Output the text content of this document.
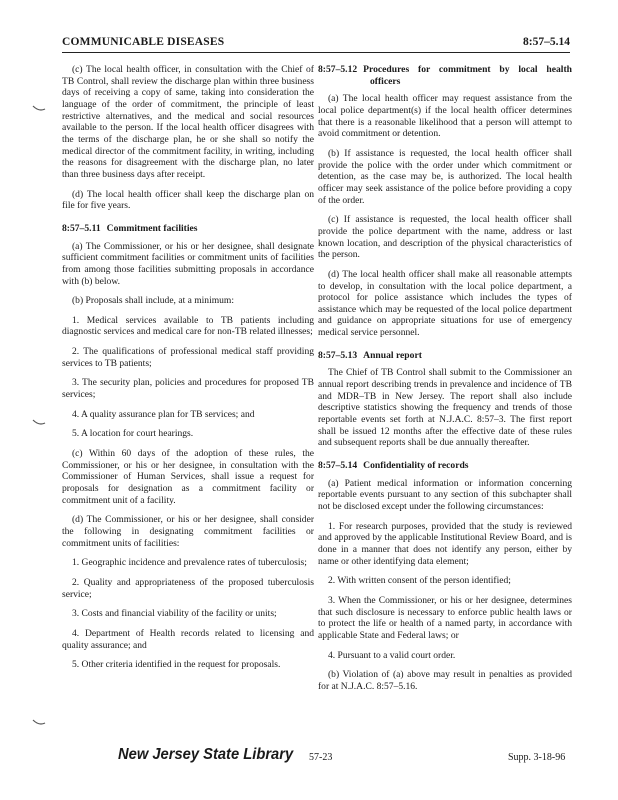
COMMUNICABLE DISEASES	8:57–5.14

(c) The local health officer, in consultation with the Chief of TB Control, shall review the discharge plan within three business days of receiving a copy of same, taking into consideration the language of the order of commitment, the principle of least restrictive alternatives, and the medical and social resources available to the person. If the local health officer disagrees with the terms of the discharge plan, he or she shall so notify the medical director of the commitment facility, in writing, including the reasons for disagreement with the discharge plan, no later than three business days after receipt.

(d) The local health officer shall keep the discharge plan on file for five years.

8:57–5.11 Commitment facilities

(a) The Commissioner, or his or her designee, shall designate sufficient commitment facilities or commitment units of facilities from among those facilities submitting proposals in accordance with (b) below.

(b) Proposals shall include, at a minimum:

1. Medical services available to TB patients including diagnostic services and medical care for non-TB related illnesses;

2. The qualifications of professional medical staff providing services to TB patients;

3. The security plan, policies and procedures for proposed TB services;

4. A quality assurance plan for TB services; and

5. A location for court hearings.

(c) Within 60 days of the adoption of these rules, the Commissioner, or his or her designee, in consultation with the Commissioner of Human Services, shall issue a request for proposals for designation as a commitment facility or commitment unit of a facility.

(d) The Commissioner, or his or her designee, shall consider the following in designating commitment facilities or commitment units of facilities:

1. Geographic incidence and prevalence rates of tuberculosis;

2. Quality and appropriateness of the proposed tuberculosis service;

3. Costs and financial viability of the facility or units;

4. Department of Health records related to licensing and quality assurance; and

5. Other criteria identified in the request for proposals.

8:57–5.12 Procedures for commitment by local health officers

(a) The local health officer may request assistance from the local police department(s) if the local health officer determines that there is a reasonable likelihood that a person will attempt to avoid commitment or detention.

(b) If assistance is requested, the local health officer shall provide the police with the order under which commitment or detention, as the case may be, is authorized. The local health officer may seek assistance of the police before providing a copy of the order.

(c) If assistance is requested, the local health officer shall provide the police department with the name, address or last known location, and description of the physical characteristics of the person.

(d) The local health officer shall make all reasonable attempts to develop, in consultation with the local police department, a protocol for police assistance which includes the types of assistance which may be requested of the local police department and guidance on appropriate situations for use of emergency medical service personnel.

8:57–5.13 Annual report

The Chief of TB Control shall submit to the Commissioner an annual report describing trends in prevalence and incidence of TB and MDR–TB in New Jersey. The report shall also include descriptive statistics showing the frequency and trends of those reportable events set forth at N.J.A.C. 8:57–3. The first report shall be issued 12 months after the effective date of these rules and subsequent reports shall be due annually thereafter.

8:57–5.14 Confidentiality of records

(a) Patient medical information or information concerning reportable events pursuant to any section of this subchapter shall not be disclosed except under the following circumstances:

1. For research purposes, provided that the study is reviewed and approved by the applicable Institutional Review Board, and is done in a manner that does not identify any person, either by name or other identifying data element;

2. With written consent of the person identified;

3. When the Commissioner, or his or her designee, determines that such disclosure is necessary to enforce public health laws or to protect the life or health of a named party, in accordance with applicable State and Federal laws; or

4. Pursuant to a valid court order.

(b) Violation of (a) above may result in penalties as provided for at N.J.A.C. 8:57–5.16.

New Jersey State Library 57-23	Supp. 3-18-96
